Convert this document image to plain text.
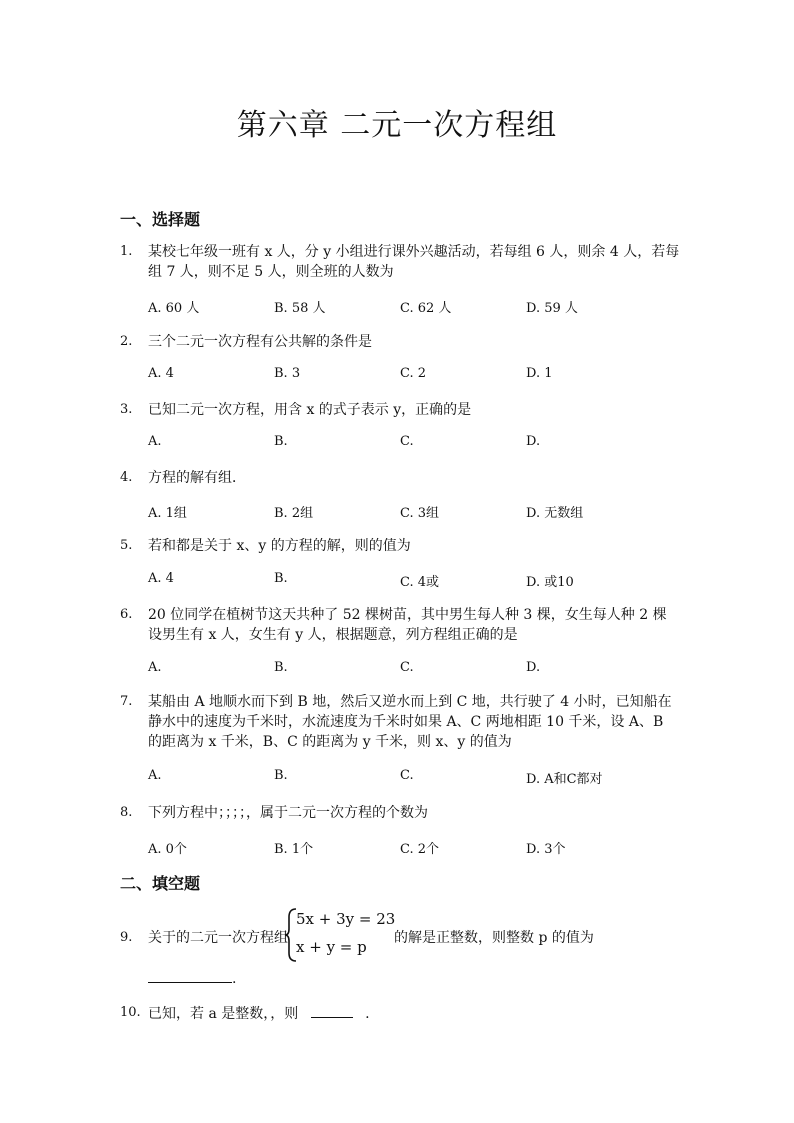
第六章 二元一次方程组
一、选择题
1.	某校七年级一班有 x 人，分 y 小组进行课外兴趣活动，若每组 6 人，则余 4 人，若每组 7 人，则不足 5 人，则全班的人数为
A. 60 人	B. 58 人	C. 62 人	D. 59 人
2.	三个二元一次方程有公共解的条件是
A. 4	B. 3	C. 2	D. 1
3.	已知二元一次方程，用含 x 的式子表示 y，正确的是
A.	B.	C.	D.
4.	方程的解有组．
A. 1组	B. 2组	C. 3组	D. 无数组
5.	若和都是关于 x、y 的方程的解，则的值为
A. 4	B.	C. 4或	D. 或10
6.	20 位同学在植树节这天共种了 52 棵树苗，其中男生每人种 3 棵，女生每人种 2 棵设男生有 x 人，女生有 y 人，根据题意，列方程组正确的是
A.	B.	C.	D.
7.	某船由 A 地顺水而下到 B 地，然后又逆水而上到 C 地，共行驶了 4 小时，已知船在静水中的速度为千米时，水流速度为千米时如果 A、C 两地相距 10 千米，设 A、B 的距离为 x 千米，B、C 的距离为 y 千米，则 x、y 的值为
A.	B.	C.	D. A和C都对
8.	下列方程中；；；；，属于二元一次方程的个数为
A. 0个	B. 1个	C. 2个	D. 3个
二、填空题
9.	关于的二元一次方程组
5x + 3y = 23
x + y = p 的解是正整数，则整数 p 的值为
.
10. 已知，若 a 是整数，，则	.
